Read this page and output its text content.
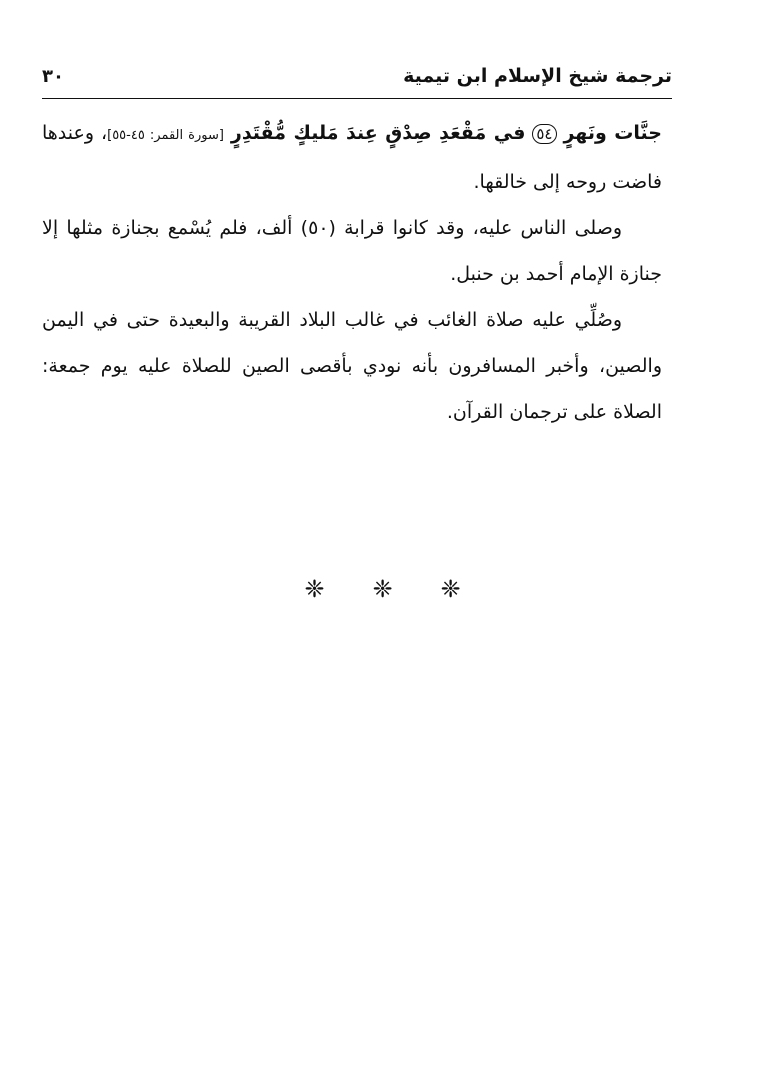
ترجمة شيخ الإسلام ابن تيمية
٣٠

جنَّات ونَهرٍ ٥٤ في مَقْعَدِ صِدْقٍ عِندَ مَليكٍ مُّقْتَدِرٍ [سورة القمر: ٤٥-٥٥]، وعندها فاضت روحه إلى خالقها.

وصلى الناس عليه، وقد كانوا قرابة (٥٠) ألف، فلم يُسْمع بجنازة مثلها إلا جنازة الإمام أحمد بن حنبل.

وصُلِّي عليه صلاة الغائب في غالب البلاد القريبة والبعيدة حتى في اليمن والصين، وأخبر المسافرون بأنه نودي بأقصى الصين للصلاة عليه يوم جمعة: الصلاة على ترجمان القرآن.

❈ ❈ ❈
